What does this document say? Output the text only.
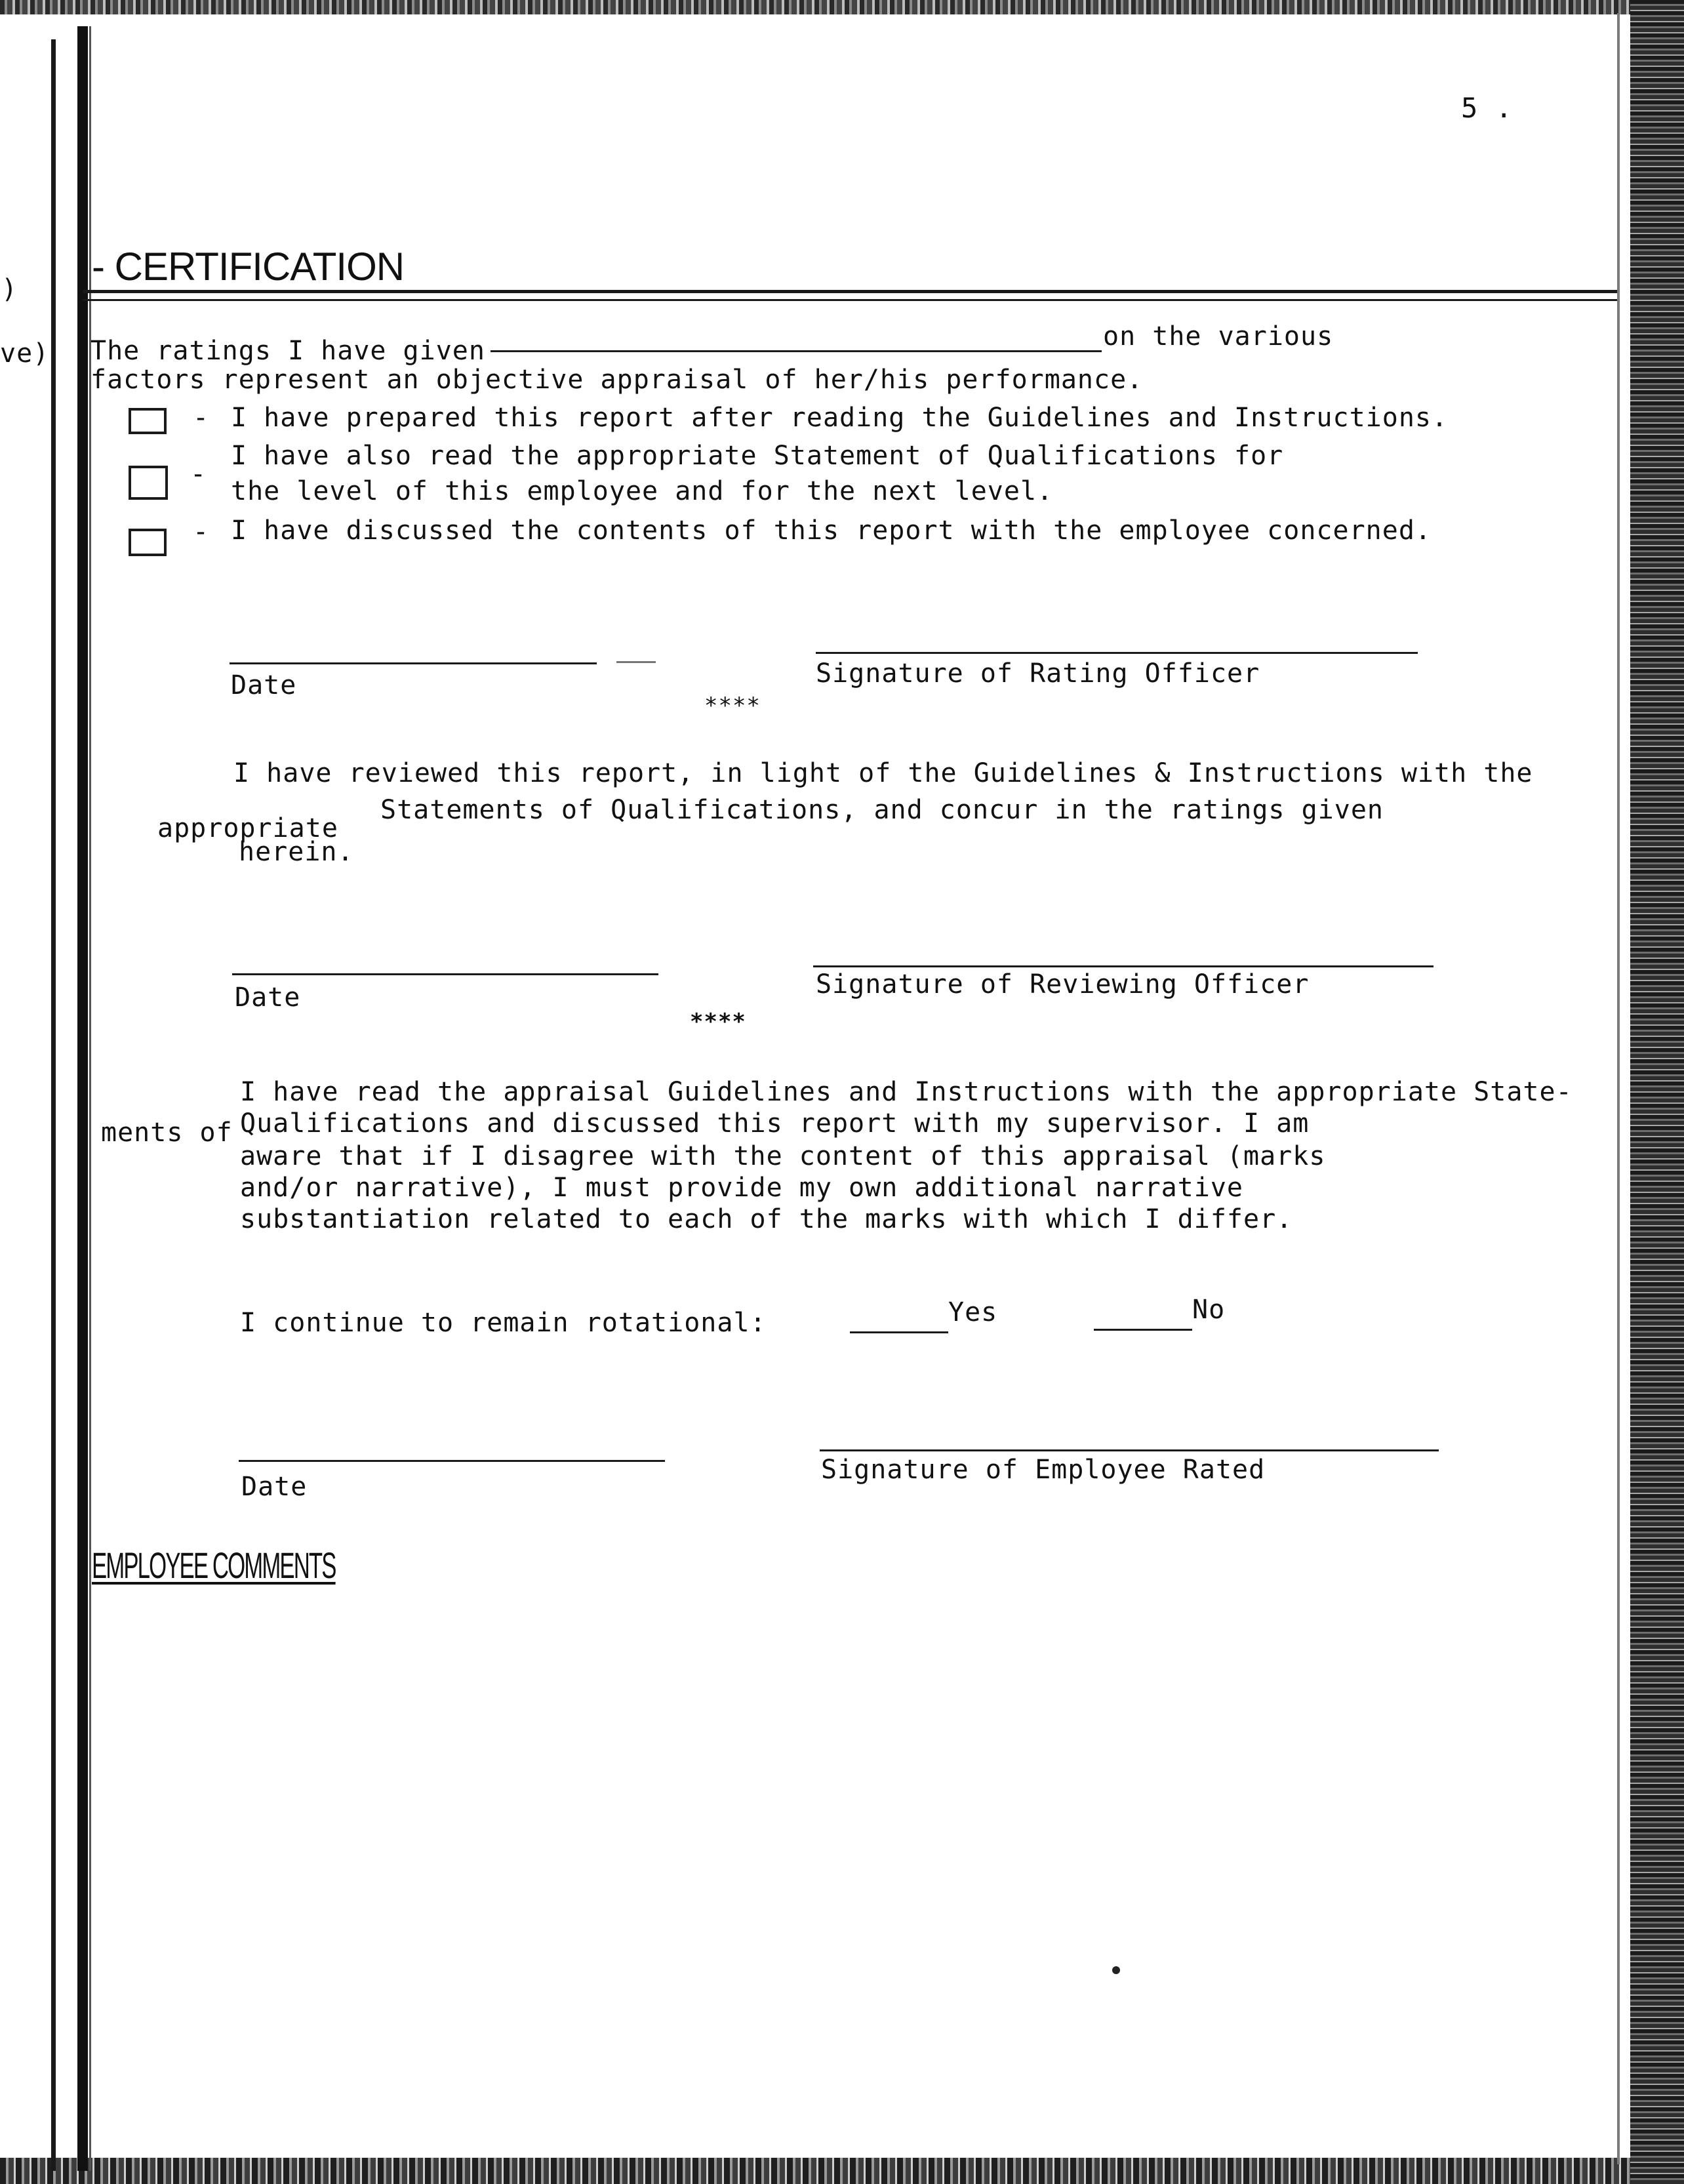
)
ve)
5 .
- CERTIFICATION
The ratings I have given	on the various
factors represent an objective appraisal of her/his performance.
- I have prepared this report after reading the Guidelines and Instructions.
-
I have also read the appropriate Statement of Qualifications for
the level of this employee and for the next level.
- I have discussed the contents of this report with the employee concerned.
Date	Signature of Rating Officer
****
I have reviewed this report, in light of the Guidelines & Instructions with the
appropriate
Statements of Qualifications, and concur in the ratings given
herein.
Date	Signature of Reviewing Officer
****
I have read the appraisal Guidelines and Instructions with the appropriate State-
ments of Qualifications and discussed this report with my supervisor. I am
aware that if I disagree with the content of this appraisal (marks
and/or narrative), I must provide my own additional narrative
substantiation related to each of the marks with which I differ.
I continue to remain rotational:	Yes	No
Date
Signature of Employee Rated
EMPLOYEE COMMENTS
